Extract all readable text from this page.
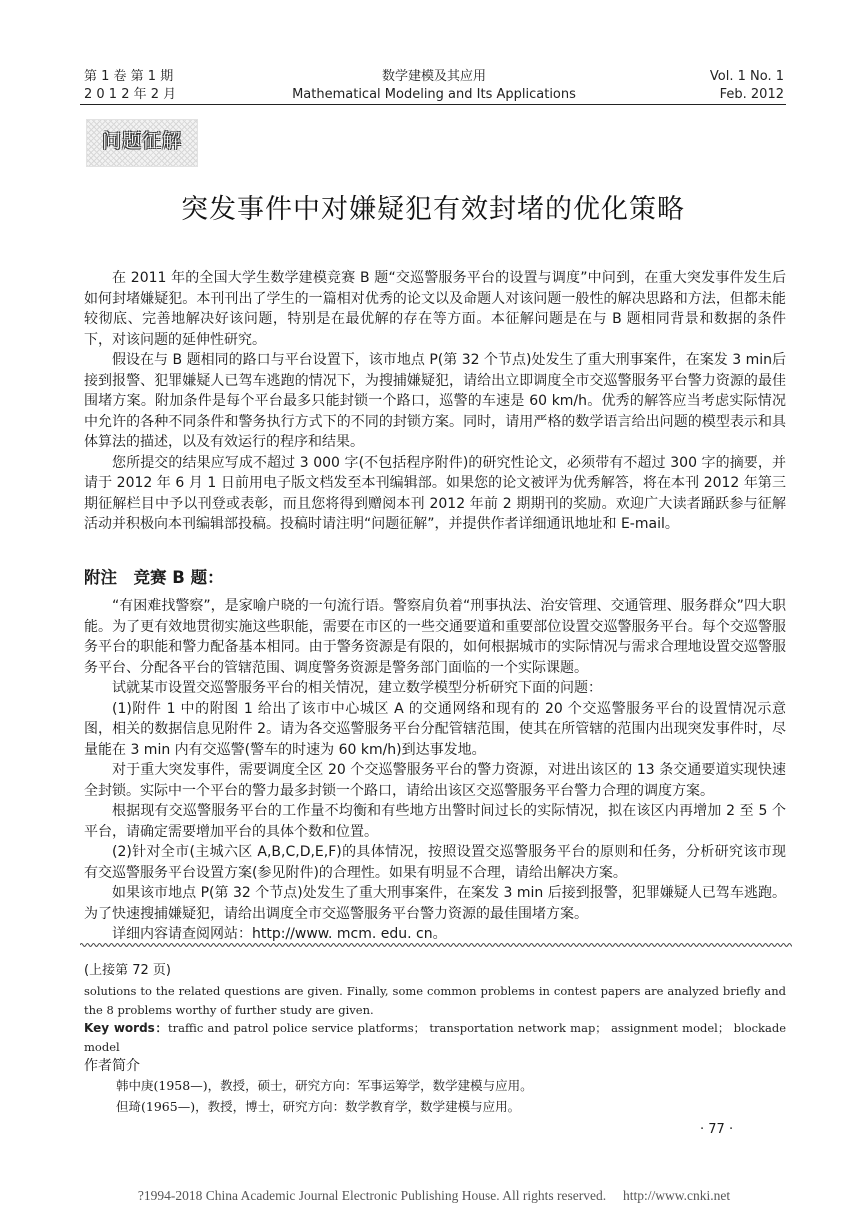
第 1 卷 第 1 期
2 0 1 2 年 2 月
数学建模及其应用
Mathematical Modeling and Its Applications
Vol. 1 No. 1
Feb. 2012
问题征解
突发事件中对嫌疑犯有效封堵的优化策略

在 2011 年的全国大学生数学建模竞赛 B 题“交巡警服务平台的设置与调度”中问到，在重大突发事件发生后如何封堵嫌疑犯。本刊刊出了学生的一篇相对优秀的论文以及命题人对该问题一般性的解决思路和方法，但都未能较彻底、完善地解决好该问题，特别是在最优解的存在等方面。本征解问题是在与 B 题相同背景和数据的条件下，对该问题的延伸性研究。

假设在与 B 题相同的路口与平台设置下，该市地点 P(第 32 个节点)处发生了重大刑事案件，在案发 3 min后接到报警、犯罪嫌疑人已驾车逃跑的情况下，为搜捕嫌疑犯，请给出立即调度全市交巡警服务平台警力资源的最佳围堵方案。附加条件是每个平台最多只能封锁一个路口，巡警的车速是 60 km/h。优秀的解答应当考虑实际情况中允许的各种不同条件和警务执行方式下的不同的封锁方案。同时，请用严格的数学语言给出问题的模型表示和具体算法的描述，以及有效运行的程序和结果。

您所提交的结果应写成不超过 3 000 字(不包括程序附件)的研究性论文，必须带有不超过 300 字的摘要，并请于 2012 年 6 月 1 日前用电子版文档发至本刊编辑部。如果您的论文被评为优秀解答，将在本刊 2012 年第三期征解栏目中予以刊登或表彰，而且您将得到赠阅本刊 2012 年前 2 期期刊的奖励。欢迎广大读者踊跃参与征解活动并积极向本刊编辑部投稿。投稿时请注明“问题征解”，并提供作者详细通讯地址和 E-mail。

附注　竞赛 B 题：

“有困难找警察”，是家喻户晓的一句流行语。警察肩负着“刑事执法、治安管理、交通管理、服务群众”四大职能。为了更有效地贯彻实施这些职能，需要在市区的一些交通要道和重要部位设置交巡警服务平台。每个交巡警服务平台的职能和警力配备基本相同。由于警务资源是有限的，如何根据城市的实际情况与需求合理地设置交巡警服务平台、分配各平台的管辖范围、调度警务资源是警务部门面临的一个实际课题。

试就某市设置交巡警服务平台的相关情况，建立数学模型分析研究下面的问题：

(1)附件 1 中的附图 1 给出了该市中心城区 A 的交通网络和现有的 20 个交巡警服务平台的设置情况示意图，相关的数据信息见附件 2。请为各交巡警服务平台分配管辖范围，使其在所管辖的范围内出现突发事件时，尽量能在 3 min 内有交巡警(警车的时速为 60 km/h)到达事发地。

对于重大突发事件，需要调度全区 20 个交巡警服务平台的警力资源，对进出该区的 13 条交通要道实现快速全封锁。实际中一个平台的警力最多封锁一个路口，请给出该区交巡警服务平台警力合理的调度方案。

根据现有交巡警服务平台的工作量不均衡和有些地方出警时间过长的实际情况，拟在该区内再增加 2 至 5 个平台，请确定需要增加平台的具体个数和位置。

(2)针对全市(主城六区 A,B,C,D,E,F)的具体情况，按照设置交巡警服务平台的原则和任务，分析研究该市现有交巡警服务平台设置方案(参见附件)的合理性。如果有明显不合理，请给出解决方案。

如果该市地点 P(第 32 个节点)处发生了重大刑事案件，在案发 3 min 后接到报警，犯罪嫌疑人已驾车逃跑。为了快速搜捕嫌疑犯，请给出调度全市交巡警服务平台警力资源的最佳围堵方案。

详细内容请查阅网站：http://www. mcm. edu. cn。

(上接第 72 页)
solutions to the related questions are given. Finally, some common problems in contest papers are analyzed briefly and the 8 problems worthy of further study are given.
Key words：traffic and patrol police service platforms； transportation network map； assignment model； blockade model
作者简介
韩中庚(1958—)，教授，硕士，研究方向：军事运筹学，数学建模与应用。
但琦(1965—)，教授，博士，研究方向：数学教育学，数学建模与应用。
· 77 ·
?1994-2018 China Academic Journal Electronic Publishing House. All rights reserved.　 http://www.cnki.net
